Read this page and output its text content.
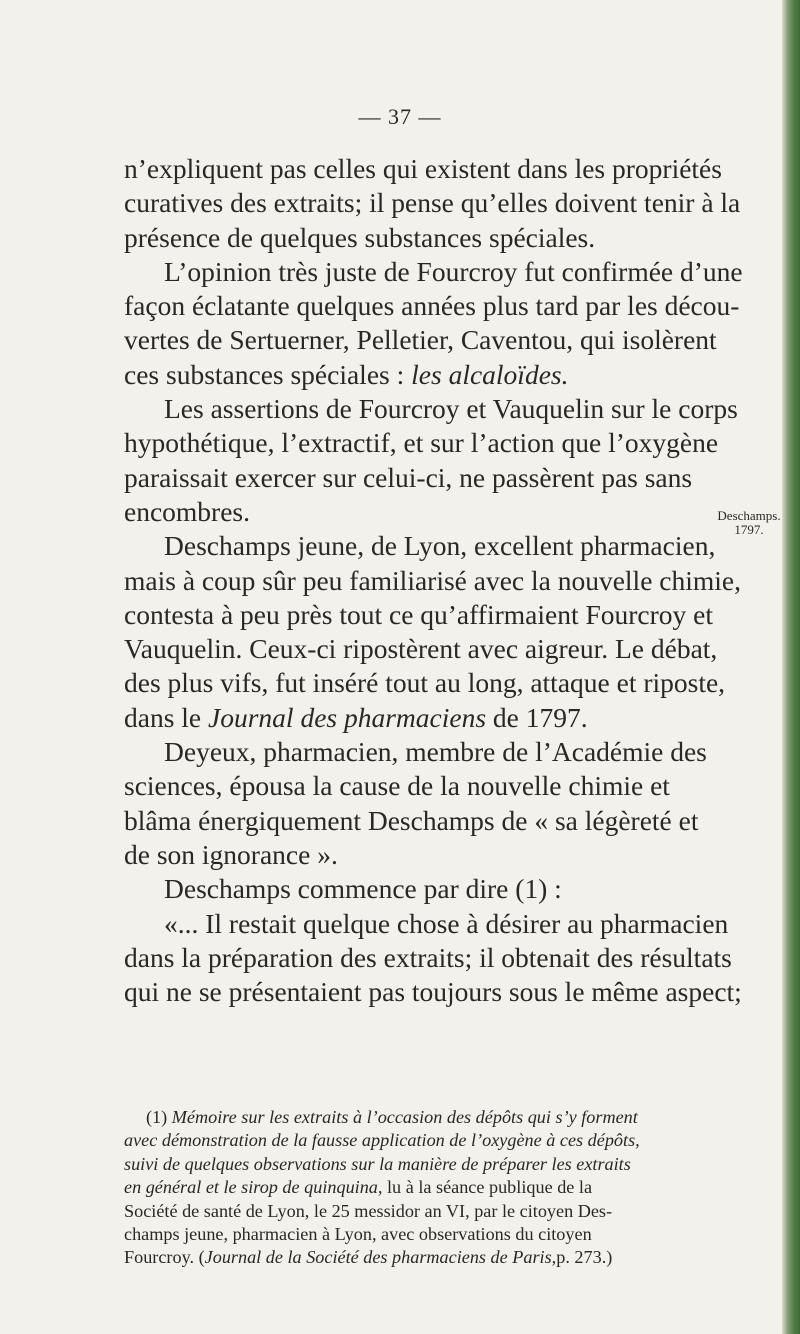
— 37 —
n’expliquent pas celles qui existent dans les propriétés
curatives des extraits; il pense qu’elles doivent tenir à la
présence de quelques substances spéciales.
L’opinion très juste de Fourcroy fut confirmée d’une
façon éclatante quelques années plus tard par les décou-
vertes de Sertuerner, Pelletier, Caventou, qui isolèrent
ces substances spéciales :
les alcaloïdes.
Les assertions de Fourcroy et Vauquelin sur le corps
hypothétique, l’extractif, et sur l’action que l’oxygène
paraissait exercer sur celui-ci, ne passèrent pas sans
encombres.
Deschamps jeune, de Lyon, excellent pharmacien,
mais à coup sûr peu familiarisé avec la nouvelle chimie,
contesta à peu près tout ce qu’affirmaient Fourcroy et
Vauquelin. Ceux-ci ripostèrent avec aigreur. Le débat,
des plus vifs, fut inséré tout au long, attaque et riposte,
dans le
Journal des pharmaciens
de 1797.
Deyeux, pharmacien, membre de l’Académie des
sciences, épousa la cause de la nouvelle chimie et
blâma énergiquement Deschamps de « sa légèreté et
de son ignorance ».
Deschamps commence par dire (1) :
«... Il restait quelque chose à désirer au pharmacien
dans la préparation des extraits; il obtenait des résultats
qui ne se présentaient pas toujours sous le même aspect;
Deschamps.
1797.
(1) Mémoire sur les extraits à l’occasion des dépôts qui s’y forment
avec démonstration de la fausse application de l’oxygène à ces dépôts,
suivi de quelques observations sur la manière de préparer les extraits
en général et le sirop de quinquina, lu à la séance publique de la
Société de santé de Lyon, le 25 messidor an VI, par le citoyen Des-
champs jeune, pharmacien à Lyon, avec observations du citoyen
Fourcroy. ( Journal de la Société des pharmaciens de Paris, p. 273.)
